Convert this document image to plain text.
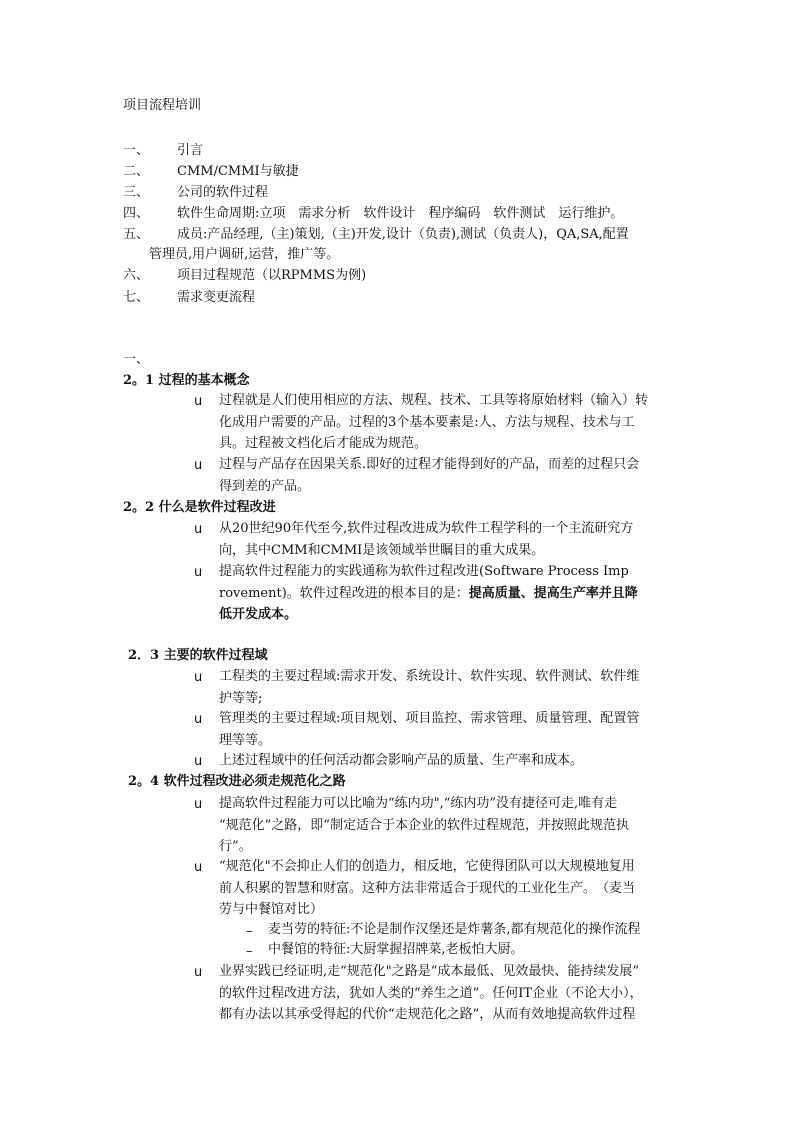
项目流程培训
一、 引言
二、 CMM/CMMI与敏捷
三、 公司的软件过程
四、 软件生命周期:立项　需求分析　软件设计　程序编码　软件测试　运行维护。
五、 成员:产品经理,（主)策划,（主)开发,设计（负责),测试（负责人)，QA,SA,配置
管理员,用户调研,运营，推广等。
六、 项目过程规范（以RPMMS为例)
七、 需求变更流程
一、
2。1 过程的基本概念
u 过程就是人们使用相应的方法、规程、技术、工具等将原始材料（输入）转
化成用户需要的产品。过程的3个基本要素是:人、方法与规程、技术与工
具。过程被文档化后才能成为规范。
u 过程与产品存在因果关系.即好的过程才能得到好的产品，而差的过程只会
得到差的产品。
2。2 什么是软件过程改进
u 从20世纪90年代至今,软件过程改进成为软件工程学科的一个主流研究方
向，其中CMM和CMMI是该领域举世瞩目的重大成果。
u 提高软件过程能力的实践通称为软件过程改进(Software Process Imp
rovement)。软件过程改进的根本目的是：提高质量、提高生产率并且降
低开发成本。
2．3 主要的软件过程域
u 工程类的主要过程域:需求开发、系统设计、软件实现、软件测试、软件维
护等等;
u 管理类的主要过程域:项目规划、项目监控、需求管理、质量管理、配置管
理等等。
u 上述过程域中的任何活动都会影响产品的质量、生产率和成本。
2。4 软件过程改进必须走规范化之路
u 提高软件过程能力可以比喻为“练内功",“练内功”没有捷径可走,唯有走
“规范化”之路，即“制定适合于本企业的软件过程规范，并按照此规范执
行”。
u “规范化"不会抑止人们的创造力，相反地，它使得团队可以大规模地复用
前人积累的智慧和财富。这种方法非常适合于现代的工业化生产。　（麦当
劳与中餐馆对比）
– 麦当劳的特征:不论是制作汉堡还是炸薯条,都有规范化的操作流程
– 中餐馆的特征:大厨掌握招牌菜,老板怕大厨。
u 业界实践已经证明,走“规范化"之路是“成本最低、见效最快、能持续发展”
的软件过程改进方法，犹如人类的“养生之道”。任何IT企业（不论大小），
都有办法以其承受得起的代价“走规范化之路”，从而有效地提高软件过程
